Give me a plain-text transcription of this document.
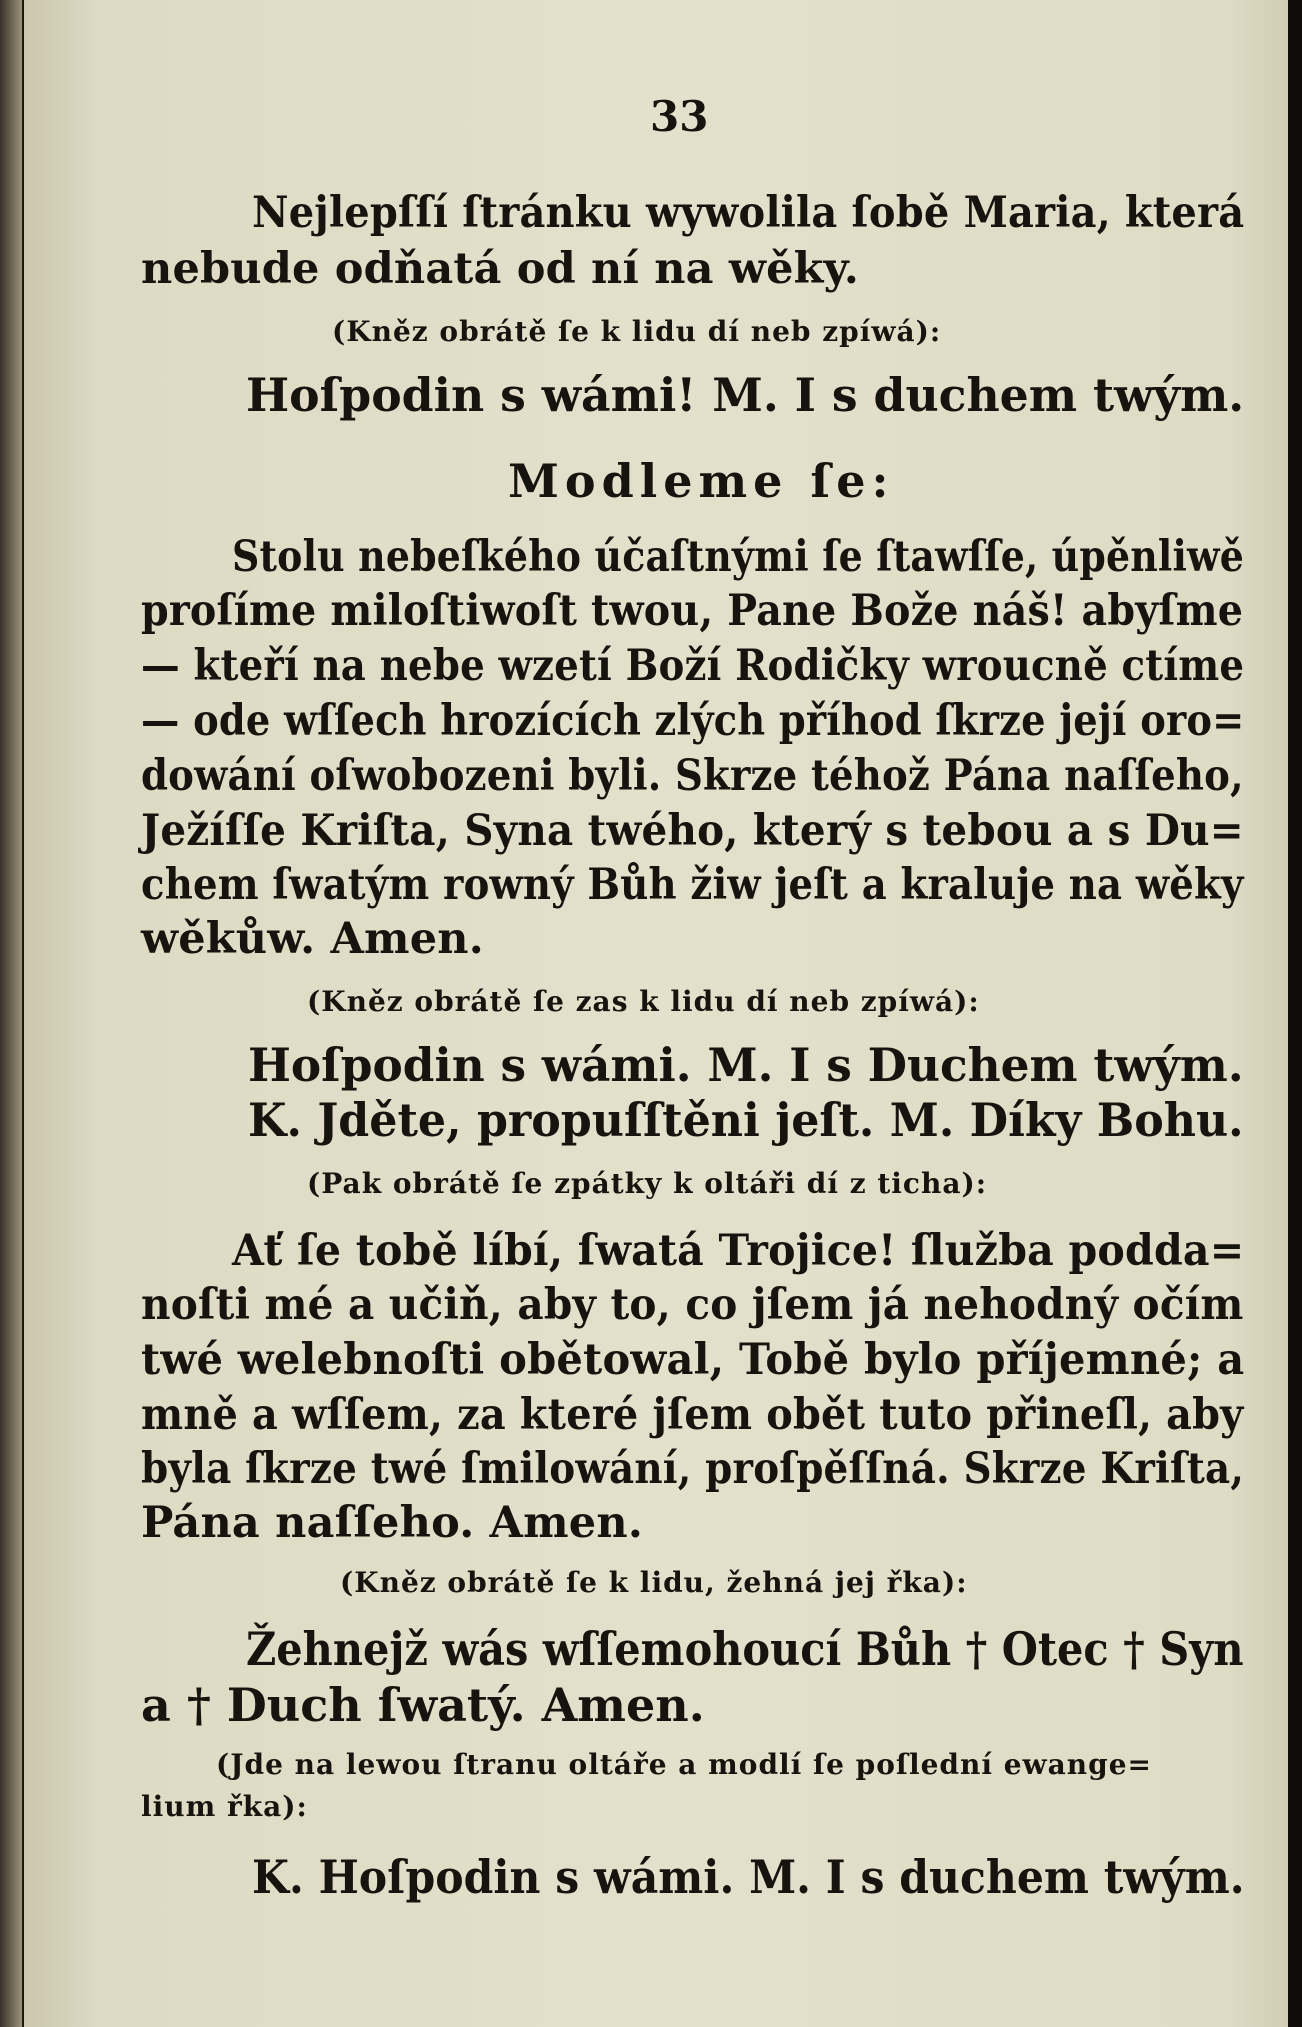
33
Nejlepſſí ſtránku wywolila ſobě Maria, která
nebude odňatá od ní na wěky.
(Kněz obrátě ſe k lidu dí neb zpíwá):
Hoſpodin s wámi! M. I s duchem twým.
Modleme ſe:
Stolu nebeſkého účaſtnými ſe ſtawſſe, úpěnliwě
proſíme miloſtiwoſt twou, Pane Bože náš! abyſme
— kteří na nebe wzetí Boží Rodičky wroucně ctíme
— ode wſſech hrozících zlých příhod ſkrze její oro=
dowání oſwobozeni byli. Skrze téhož Pána naſſeho,
Ježíſſe Kriſta, Syna twého, který s tebou a s Du=
chem ſwatým rowný Bůh žiw jeſt a kraluje na wěky
wěkůw. Amen.
(Kněz obrátě ſe zas k lidu dí neb zpíwá):
Hoſpodin s wámi. M. I s Duchem twým.
K. Jděte, propuſſtěni jeſt. M. Díky Bohu.
(Pak obrátě ſe zpátky k oltáři dí z ticha):
Ať ſe tobě líbí, ſwatá Trojice! ſlužba poddа=
noſti mé a učiň, aby to, co jſem já nehodný očím
twé welebnoſti obětowal, Tobě bylo příjemné; a
mně a wſſem, za které jſem obět tuto přineſl, aby
byla ſkrze twé ſmilowání, proſpěſſná. Skrze Kriſta,
Pána naſſeho. Amen.
(Kněz obrátě ſe k lidu, žehná jej řka):
Žehnejž wás wſſemohoucí Bůh † Otec † Syn
a † Duch ſwatý. Amen.
(Jde na lewou ſtranu oltáře a modlí ſe poſlední ewange=
lium řka):
K. Hoſpodin s wámi. M. I s duchem twým.
